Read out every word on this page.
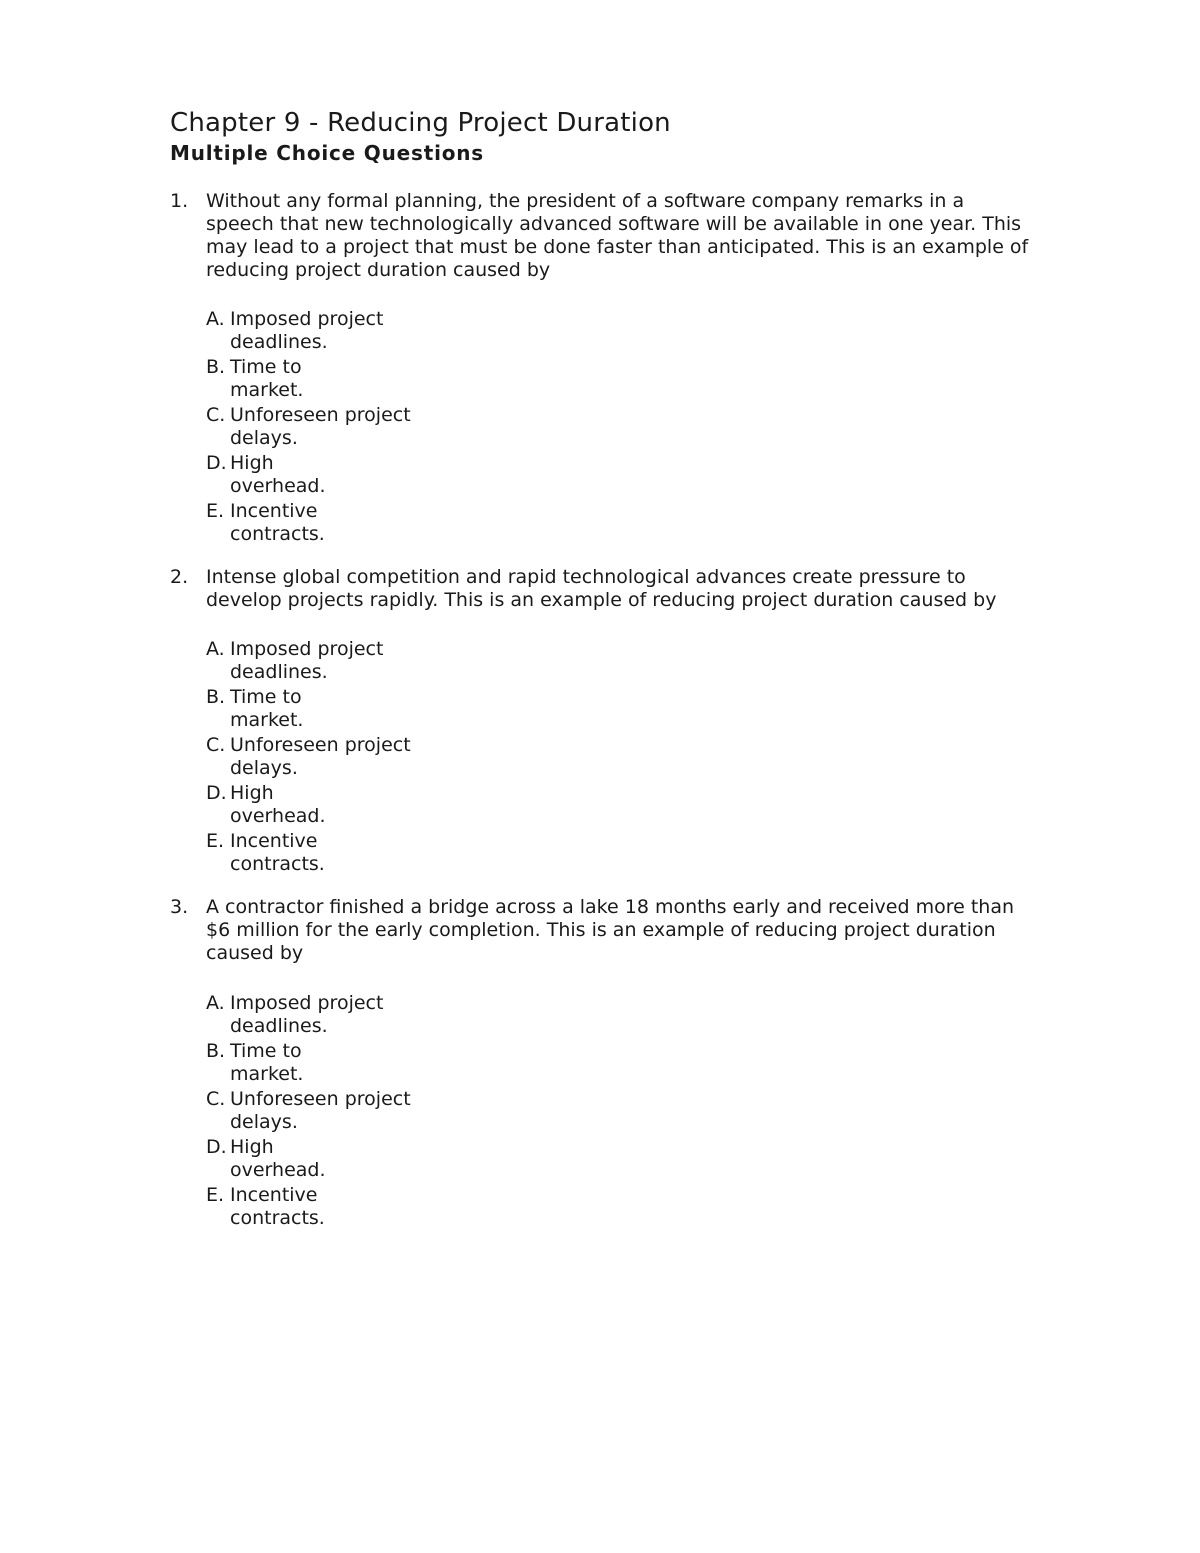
Chapter 9 - Reducing Project Duration
Multiple Choice Questions
1. Without any formal planning, the president of a software company remarks in a
speech that new technologically advanced software will be available in one year. This
may lead to a project that must be done faster than anticipated. This is an example of
reducing project duration caused by
A. Imposed project
deadlines.
B. Time to
market.
C. Unforeseen project
delays.
D. High
overhead.
E. Incentive
contracts.
2. Intense global competition and rapid technological advances create pressure to
develop projects rapidly. This is an example of reducing project duration caused by
A. Imposed project
deadlines.
B. Time to
market.
C. Unforeseen project
delays.
D. High
overhead.
E. Incentive
contracts.
3. A contractor finished a bridge across a lake 18 months early and received more than
$6 million for the early completion. This is an example of reducing project duration
caused by
A. Imposed project
deadlines.
B. Time to
market.
C. Unforeseen project
delays.
D. High
overhead.
E. Incentive
contracts.
